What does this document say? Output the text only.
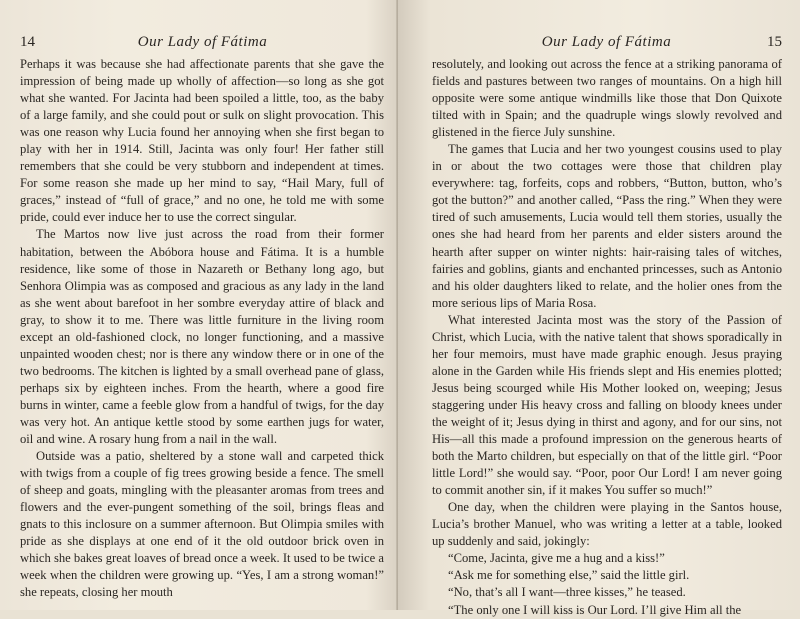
14	Our Lady of Fátima

Perhaps it was because she had affectionate parents that she gave the impression of being made up wholly of affection—so long as she got what she wanted. For Jacinta had been spoiled a little, too, as the baby of a large family, and she could pout or sulk on slight provocation. This was one reason why Lucia found her annoying when she first began to play with her in 1914. Still, Jacinta was only four! Her father still remembers that she could be very stubborn and independent at times. For some reason she made up her mind to say, “Hail Mary, full of graces,” instead of “full of grace,” and no one, he told me with some pride, could ever induce her to use the correct singular.

The Martos now live just across the road from their former habitation, between the Abóbora house and Fátima. It is a humble residence, like some of those in Nazareth or Bethany long ago, but Senhora Olimpia was as composed and gracious as any lady in the land as she went about barefoot in her sombre everyday attire of black and gray, to show it to me. There was little furniture in the living room except an old-fashioned clock, no longer functioning, and a massive unpainted wooden chest; nor is there any window there or in one of the two bedrooms. The kitchen is lighted by a small overhead pane of glass, perhaps six by eighteen inches. From the hearth, where a good fire burns in winter, came a feeble glow from a handful of twigs, for the day was very hot. An antique kettle stood by some earthen jugs for water, oil and wine. A rosary hung from a nail in the wall.

Outside was a patio, sheltered by a stone wall and carpeted thick with twigs from a couple of fig trees growing beside a fence. The smell of sheep and goats, mingling with the pleasanter aromas from trees and flowers and the ever-pungent something of the soil, brings fleas and gnats to this inclosure on a summer afternoon. But Olimpia smiles with pride as she displays at one end of it the old outdoor brick oven in which she bakes great loaves of bread once a week. It used to be twice a week when the children were growing up. “Yes, I am a strong woman!” she repeats, closing her mouth

Our Lady of Fátima	15

resolutely, and looking out across the fence at a striking panorama of fields and pastures between two ranges of mountains. On a high hill opposite were some antique windmills like those that Don Quixote tilted with in Spain; and the quadruple wings slowly revolved and glistened in the fierce July sunshine.

The games that Lucia and her two youngest cousins used to play in or about the two cottages were those that children play everywhere: tag, forfeits, cops and robbers, “Button, button, who’s got the button?” and another called, “Pass the ring.” When they were tired of such amusements, Lucia would tell them stories, usually the ones she had heard from her parents and elder sisters around the hearth after supper on winter nights: hair-raising tales of witches, fairies and goblins, giants and enchanted princesses, such as Antonio and his older daughters liked to relate, and the holier ones from the more serious lips of Maria Rosa.

What interested Jacinta most was the story of the Passion of Christ, which Lucia, with the native talent that shows sporadically in her four memoirs, must have made graphic enough. Jesus praying alone in the Garden while His friends slept and His enemies plotted; Jesus being scourged while His Mother looked on, weeping; Jesus staggering under His heavy cross and falling on bloody knees under the weight of it; Jesus dying in thirst and agony, and for our sins, not His—all this made a profound impression on the generous hearts of both the Marto children, but especially on that of the little girl. “Poor little Lord!” she would say. “Poor, poor Our Lord! I am never going to commit another sin, if it makes You suffer so much!”

One day, when the children were playing in the Santos house, Lucia’s brother Manuel, who was writing a letter at a table, looked up suddenly and said, jokingly:

“Come, Jacinta, give me a hug and a kiss!”

“Ask me for something else,” said the little girl.

“No, that’s all I want—three kisses,” he teased.

“The only one I will kiss is Our Lord. I’ll give Him all the
